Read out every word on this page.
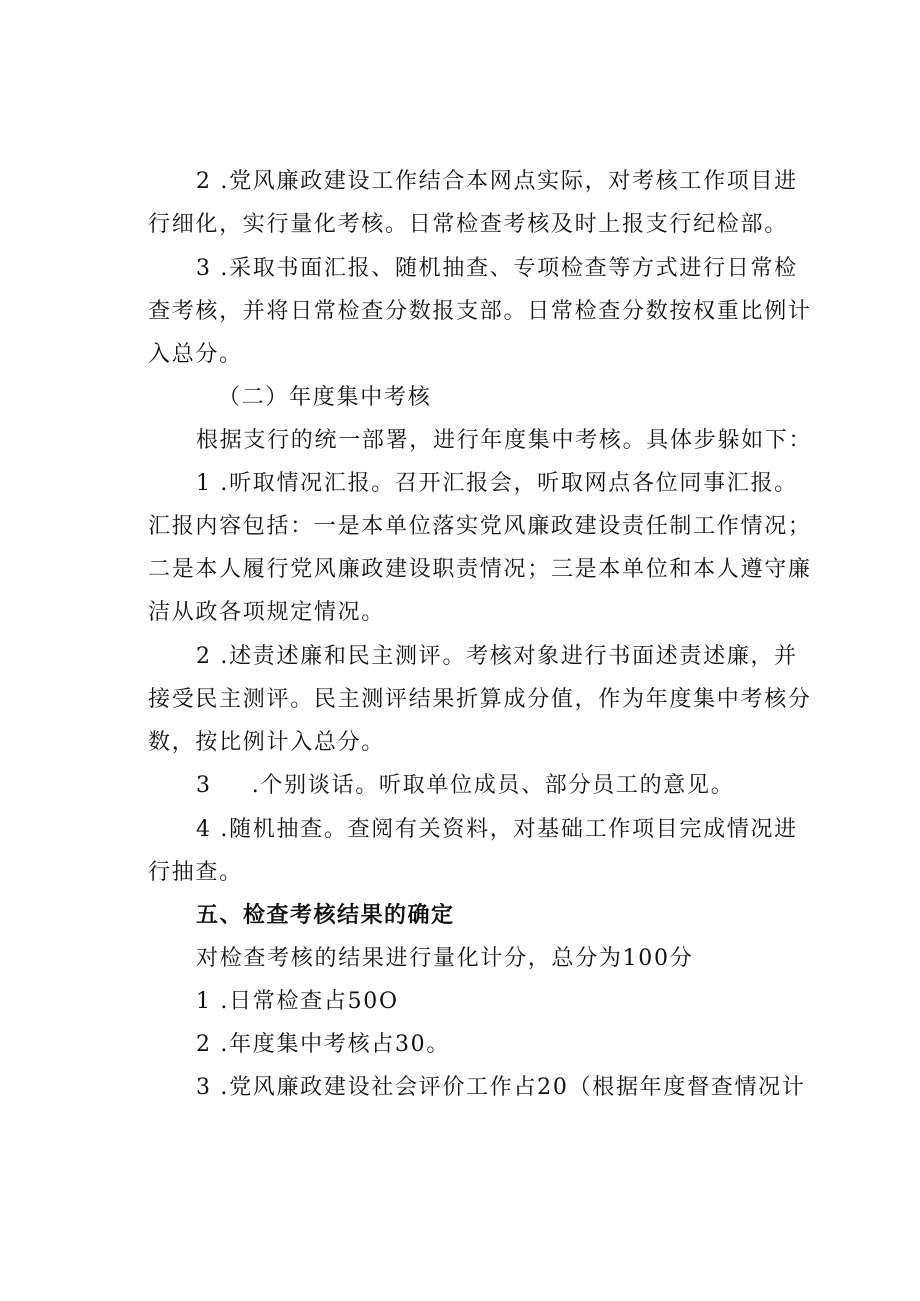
2 .党风廉政建设工作结合本网点实际，对考核工作项目进
行细化，实行量化考核。日常检查考核及时上报支行纪检部。
3 .采取书面汇报、随机抽查、专项检查等方式进行日常检
查考核，并将日常检查分数报支部。日常检查分数按权重比例计
入总分。
（二）年度集中考核
根据支行的统一部署，进行年度集中考核。具体步躲如下：
1 .听取情况汇报。召开汇报会，听取网点各位同事汇报。
汇报内容包括：一是本单位落实党风廉政建设责任制工作情况；
二是本人履行党风廉政建设职责情况；三是本单位和本人遵守廉
洁从政各项规定情况。
2 .述责述廉和民主测评。考核对象进行书面述责述廉，并
接受民主测评。民主测评结果折算成分值，作为年度集中考核分
数，按比例计入总分。
3 .个别谈话。听取单位成员、部分员工的意见。
4 .随机抽查。查阅有关资料，对基础工作项目完成情况进
行抽查。
五、检查考核结果的确定
对检查考核的结果进行量化计分，总分为100分
1 .日常检查占50O
2 .年度集中考核占30。
3 .党风廉政建设社会评价工作占20（根据年度督查情况计
